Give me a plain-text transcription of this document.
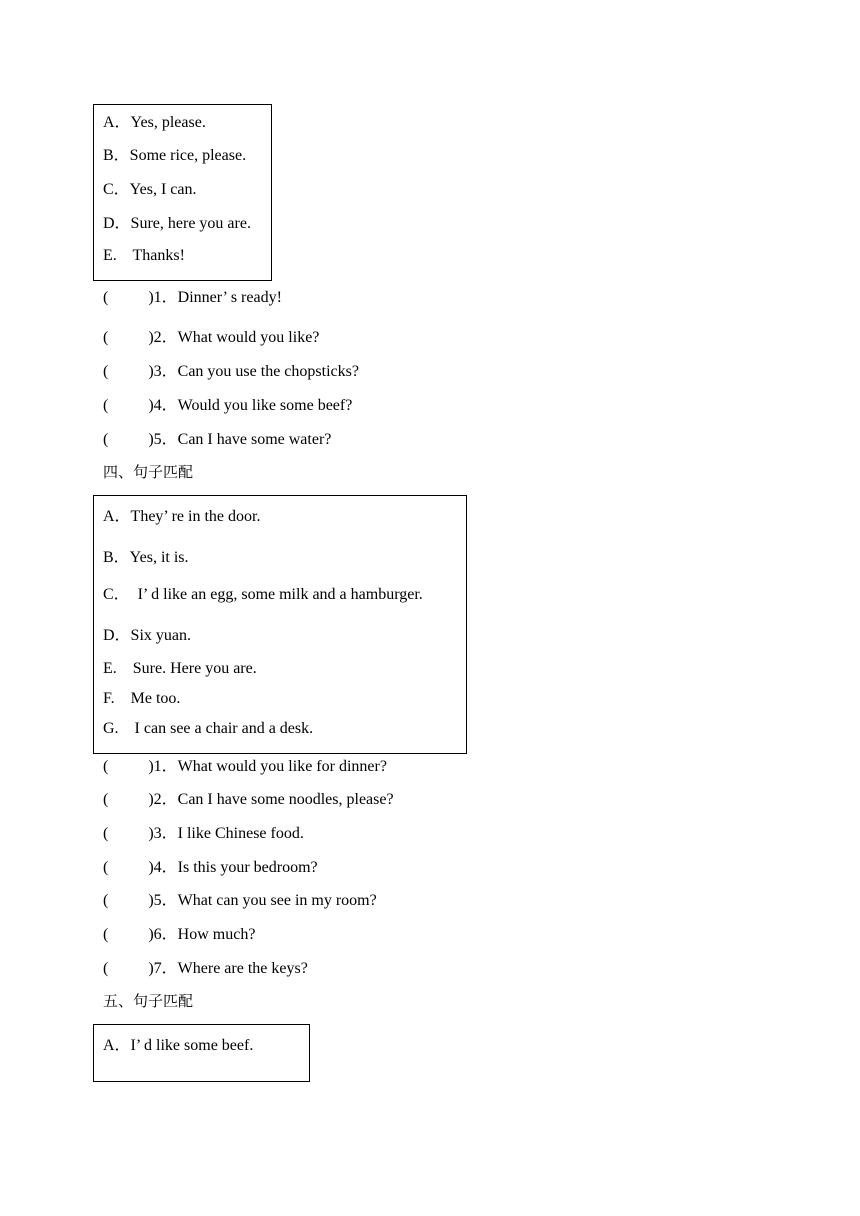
A．Yes, please.
B．Some rice, please.
C．Yes, I can.
D．Sure, here you are.
E.    Thanks!
(          )1．Dinner’ s ready!
(          )2．What would you like?
(          )3．Can you use the chopsticks?
(          )4．Would you like some beef?
(          )5．Can I have some water?
四、句子匹配
A．They’ re in the door.
B．Yes, it is.
C．  I’ d like an egg, some milk and a hamburger.
D．Six yuan.
E.    Sure. Here you are.
F.    Me too.
G.    I can see a chair and a desk.
(          )1．What would you like for dinner?
(          )2．Can I have some noodles, please?
(          )3．I like Chinese food.
(          )4．Is this your bedroom?
(          )5．What can you see in my room?
(          )6．How much?
(          )7．Where are the keys?
五、句子匹配
A．I’ d like some beef.
